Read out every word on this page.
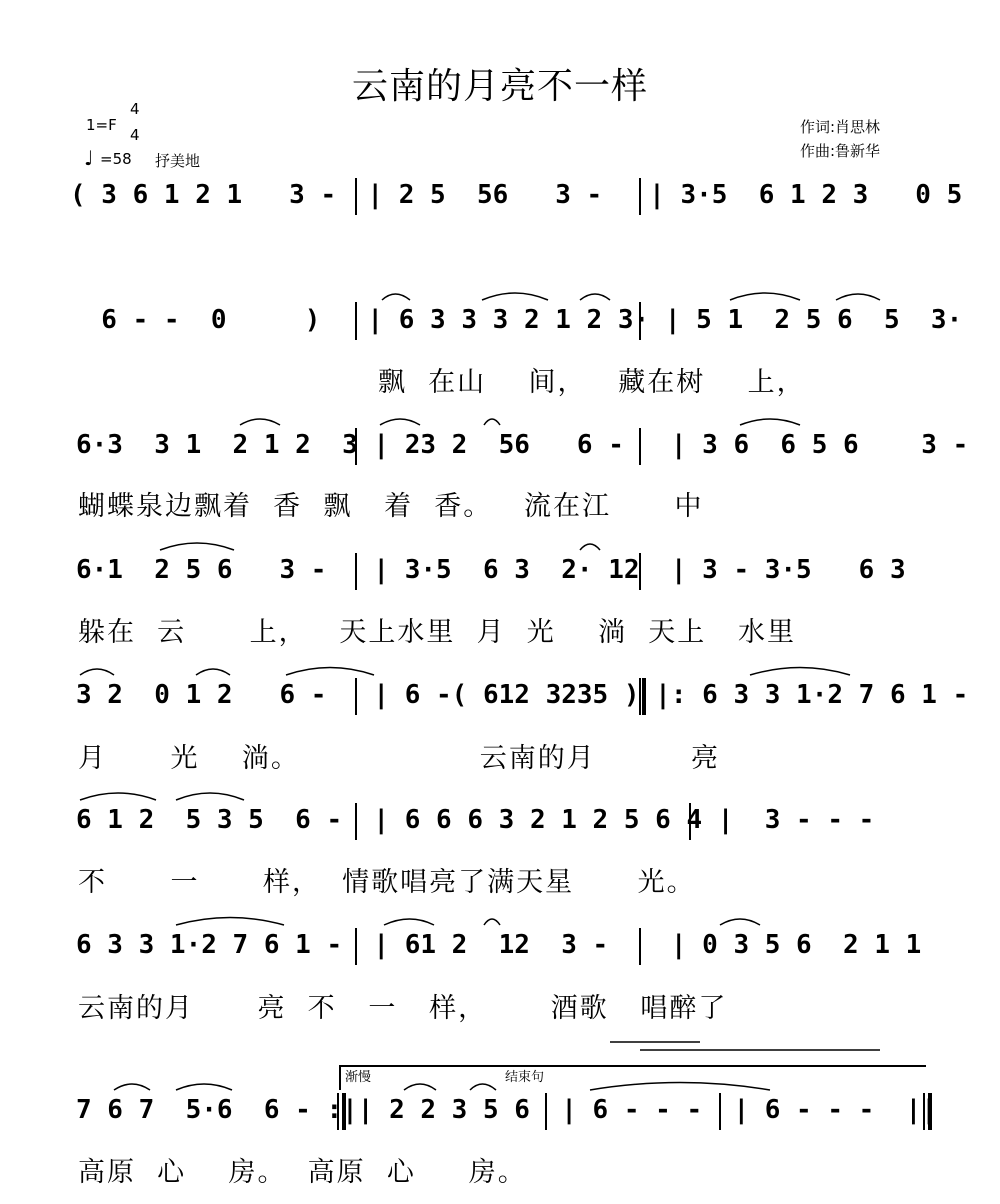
云南的月亮不一样
1=F
4
4
♩ =58 抒美地
作词:肖思林
作曲:鲁新华
( 3 6 1 2 1   3 -  | 2 5  56   3 -   | 3·5  6 1 2 3   0 5
6 - -  0     )   | 6 3 3 3 2 1 2 3· | 5 1  2 5 6  5  3·
飘  在山    间，   藏在树    上，
6·3  3 1  2 1 2  3 | 23 2  56   6 -   | 3 6  6 5 6    3 -
蝴蝶泉边飘着  香  飘   着  香。   流在江      中
6·1  2 5 6   3 -   | 3·5  6 3  2· 12  | 3 - 3·5   6 3
躲在  云      上，   天上水里  月  光    淌  天上   水里
3 2  0 1 2   6 -   | 6 -( 612 3235 ) |: 6 3 3 1·2 7 6 1 -
月      光    淌。                 云南的月         亮
6 1 2  5 3 5  6 -  | 6 6 6 3 2 1 2 5 6 4 |  3 - - -
不      一      样，  情歌唱亮了满天星      光。
6 3 3 1·2 7 6 1 -  | 61 2  12  3 -    | 0 3 5 6  2 1 1
云南的月      亮  不   一   样，      酒歌   唱醉了
渐慢	结束句
7 6 7  5·6  6 - :|| 2 2 3 5 6  | 6 - - -  | 6 - - -  ||
高原  心    房。  高原  心     房。
